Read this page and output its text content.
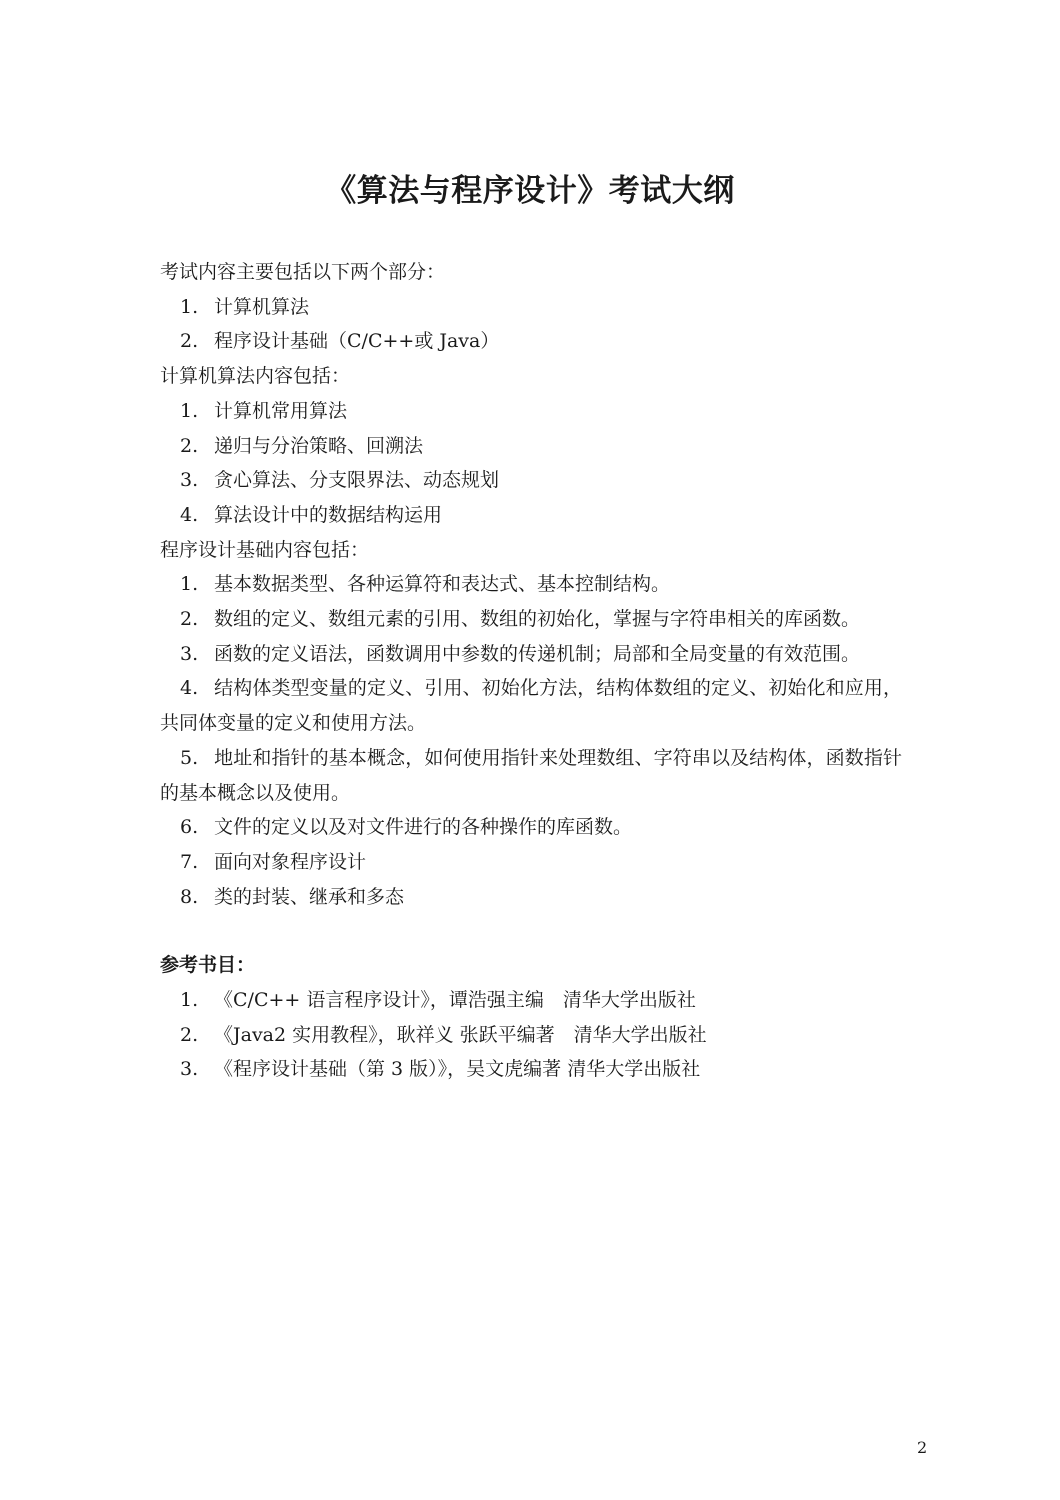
《算法与程序设计》考试大纲

考试内容主要包括以下两个部分：

1. 计算机算法
2. 程序设计基础（C/C++或 Java）

计算机算法内容包括：

1. 计算机常用算法
2. 递归与分治策略、回溯法
3. 贪心算法、分支限界法、动态规划
4. 算法设计中的数据结构运用

程序设计基础内容包括：

1. 基本数据类型、各种运算符和表达式、基本控制结构。
2. 数组的定义、数组元素的引用、数组的初始化，掌握与字符串相关的库函数。
3. 函数的定义语法，函数调用中参数的传递机制；局部和全局变量的有效范围。
4. 结构体类型变量的定义、引用、初始化方法，结构体数组的定义、初始化和应用，共同体变量的定义和使用方法。
5. 地址和指针的基本概念，如何使用指针来处理数组、字符串以及结构体，函数指针的基本概念以及使用。
6. 文件的定义以及对文件进行的各种操作的库函数。
7. 面向对象程序设计
8. 类的封装、继承和多态

参考书目：

1. 《C/C++ 语言程序设计》，谭浩强主编　清华大学出版社
2. 《Java2 实用教程》，耿祥义 张跃平编著　清华大学出版社
3. 《程序设计基础（第 3 版）》，吴文虎编著 清华大学出版社
2
